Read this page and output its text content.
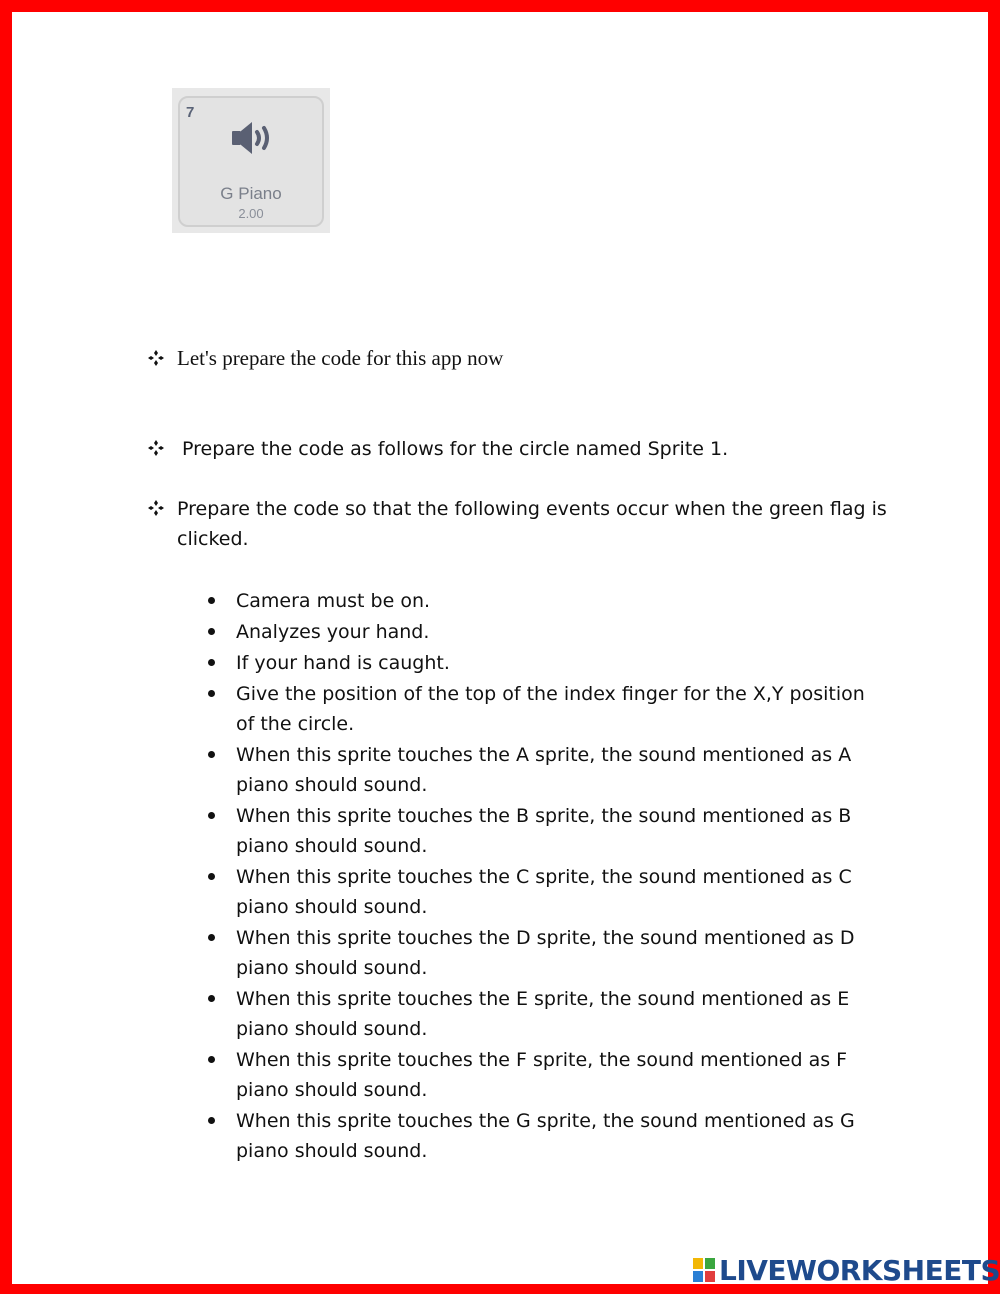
7
G Piano
2.00
Let's prepare the code for this app now
Prepare the code as follows for the circle named Sprite 1.
Prepare the code so that the following events occur when the green flag is clicked.
Camera must be on.
Analyzes your hand.
If your hand is caught.
Give the position of the top of the index finger for the X,Y position of the circle.
When this sprite touches the A sprite, the sound mentioned as A piano should sound.
When this sprite touches the B sprite, the sound mentioned as B piano should sound.
When this sprite touches the C sprite, the sound mentioned as C piano should sound.
When this sprite touches the D sprite, the sound mentioned as D piano should sound.
When this sprite touches the E sprite, the sound mentioned as E piano should sound.
When this sprite touches the F sprite, the sound mentioned as F piano should sound.
When this sprite touches the G sprite, the sound mentioned as G piano should sound.
LIVEWORKSHEETS
